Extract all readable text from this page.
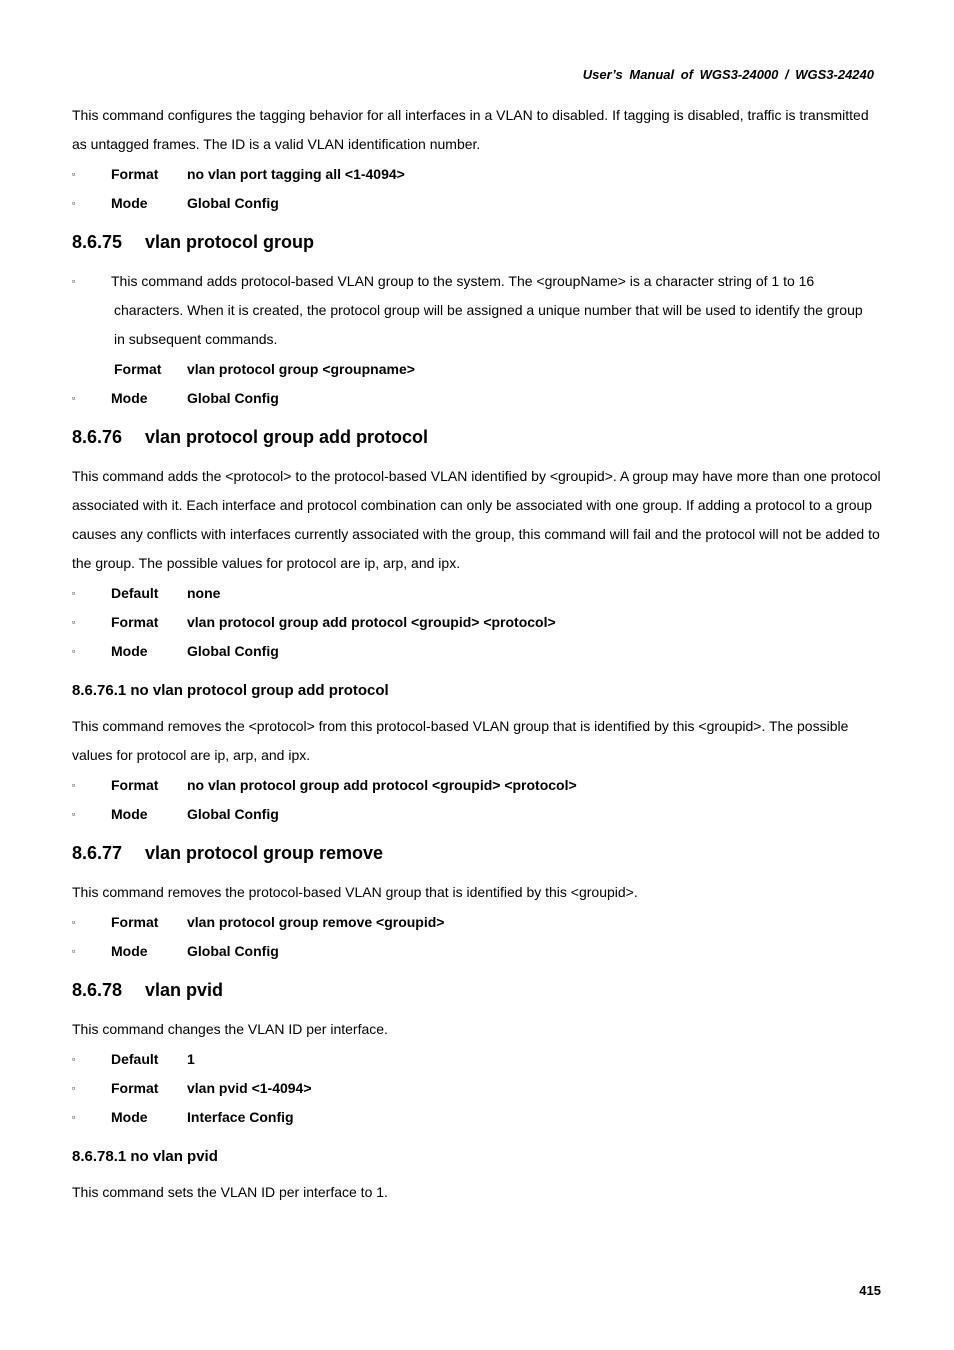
User’s Manual of WGS3-24000 / WGS3-24240

This command configures the tagging behavior for all interfaces in a VLAN to disabled. If tagging is disabled, traffic is transmitted as untagged frames. The ID is a valid VLAN identification number.

▫	Format	no vlan port tagging all <1-4094>
▫	Mode	Global Config
8.6.75 vlan protocol group
▫	This command adds protocol-based VLAN group to the system. The <groupName> is a character string of 1 to 16
characters. When it is created, the protocol group will be assigned a unique number that will be used to identify the group
in subsequent commands.
Format	vlan protocol group <groupname>
▫	Mode	Global Config
8.6.76 vlan protocol group add protocol

This command adds the <protocol> to the protocol-based VLAN identified by <groupid>. A group may have more than one protocol associated with it. Each interface and protocol combination can only be associated with one group. If adding a protocol to a group causes any conflicts with interfaces currently associated with the group, this command will fail and the protocol will not be added to the group. The possible values for protocol are ip, arp, and ipx.

▫	Default	none
▫	Format	vlan protocol group add protocol <groupid> <protocol>
▫	Mode	Global Config
8.6.76.1 no vlan protocol group add protocol

This command removes the <protocol> from this protocol-based VLAN group that is identified by this <groupid>. The possible values for protocol are ip, arp, and ipx.

▫	Format	no vlan protocol group add protocol <groupid> <protocol>
▫	Mode	Global Config
8.6.77 vlan protocol group remove

This command removes the protocol-based VLAN group that is identified by this <groupid>.

▫	Format	vlan protocol group remove <groupid>
▫	Mode	Global Config
8.6.78 vlan pvid

This command changes the VLAN ID per interface.

▫	Default	1
▫	Format	vlan pvid <1-4094>
▫	Mode	Interface Config
8.6.78.1 no vlan pvid

This command sets the VLAN ID per interface to 1.

415
